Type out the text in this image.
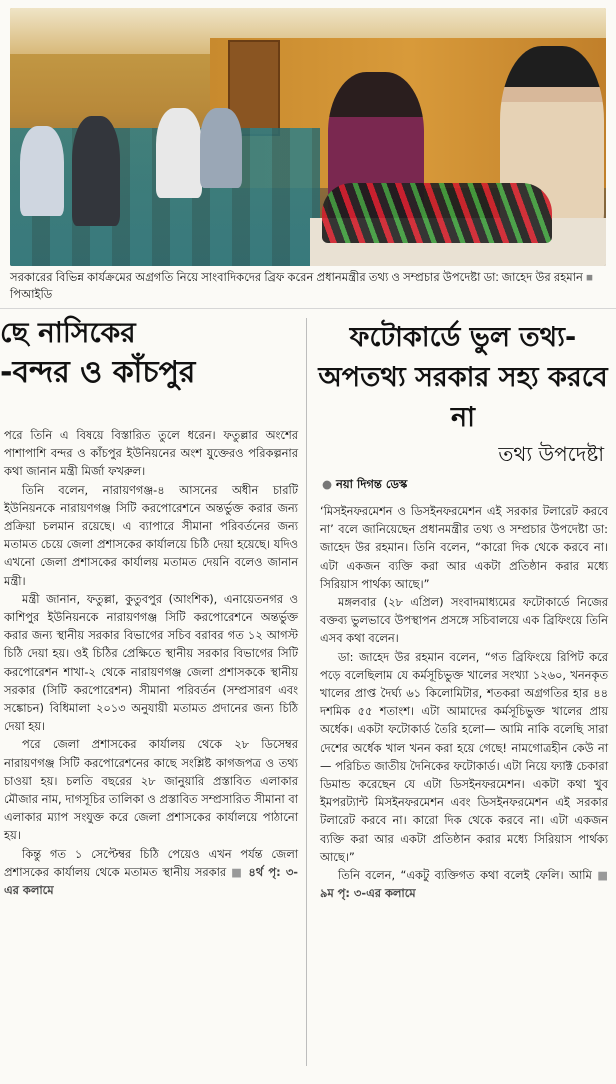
সরকারের বিভিন্ন কার্যক্রমের অগ্রগতি নিয়ে সাংবাদিকদের ব্রিফ করেন প্রধানমন্ত্রীর তথ্য ও সম্প্রচার উপদেষ্টা ডা: জাহেদ উর রহমান ■ পিআইডি
ছে নাসিকের
-বন্দর ও কাঁচপুর

পরে তিনি এ বিষয়ে বিস্তারিত তুলে ধরেন। ফতুল্লার অংশের পাশাপাশি বন্দর ও কাঁচপুর ইউনিয়নের অংশ যুক্তেরও পরিকল্পনার কথা জানান মন্ত্রী মির্জা ফখরুল।

তিনি বলেন, নারায়ণগঞ্জ-৪ আসনের অধীন চারটি ইউনিয়নকে নারায়ণগঞ্জ সিটি করপোরেশনে অন্তর্ভুক্ত করার জন্য প্রক্রিয়া চলমান রয়েছে। এ ব্যাপারে সীমানা পরিবর্তনের জন্য মতামত চেয়ে জেলা প্রশাসকের কার্যালয়ে চিঠি দেয়া হয়েছে। যদিও এখনো জেলা প্রশাসকের কার্যালয় মতামত দেয়নি বলেও জানান মন্ত্রী।

মন্ত্রী জানান, ফতুল্লা, কুতুবপুর (আংশিক), এনায়েতনগর ও কাশিপুর ইউনিয়নকে নারায়ণগঞ্জ সিটি করপোরেশনে অন্তর্ভুক্ত করার জন্য স্থানীয় সরকার বিভাগের সচিব বরাবর গত ১২ আগস্ট চিঠি দেয়া হয়। ওই চিঠির প্রেক্ষিতে স্থানীয় সরকার বিভাগের সিটি করপোরেশন শাখা-২ থেকে নারায়ণগঞ্জ জেলা প্রশাসককে স্থানীয় সরকার (সিটি করপোরেশন) সীমানা পরিবর্তন (সম্প্রসারণ এবং সঙ্কোচন) বিধিমালা ২০১৩ অনুযায়ী মতামত প্রদানের জন্য চিঠি দেয়া হয়।

পরে জেলা প্রশাসকের কার্যালয় থেকে ২৮ ডিসেম্বর নারায়ণগঞ্জ সিটি করপোরেশনের কাছে সংশ্লিষ্ট কাগজপত্র ও তথ্য চাওয়া হয়। চলতি বছরের ২৮ জানুয়ারি প্রস্তাবিত এলাকার মৌজার নাম, দাগসূচির তালিকা ও প্রস্তাবিত সম্প্রসারিত সীমানা বা এলাকার ম্যাপ সংযুক্ত করে জেলা প্রশাসকের কার্যালয়ে পাঠানো হয়।

কিন্তু গত ১ সেপ্টেম্বর চিঠি পেয়েও এখন পর্যন্ত জেলা প্রশাসকের কার্যালয় থেকে মতামত স্থানীয় সরকার ■ ৪র্থ পৃ: ৩-এর কলামে

ফটোকার্ডে ভুল তথ্য-অপতথ্য সরকার সহ্য করবে না
তথ্য উপদেষ্টা
● নয়া দিগন্ত ডেস্ক

‘মিসইনফরমেশন ও ডিসইনফরমেশন এই সরকার টলারেট করবে না’ বলে জানিয়েছেন প্রধানমন্ত্রীর তথ্য ও সম্প্রচার উপদেষ্টা ডা: জাহেদ উর রহমান। তিনি বলেন, “কারো দিক থেকে করবে না। এটা একজন ব্যক্তি করা আর একটা প্রতিষ্ঠান করার মধ্যে সিরিয়াস পার্থক্য আছে।”

মঙ্গলবার (২৮ এপ্রিল) সংবাদমাধ্যমের ফটোকার্ডে নিজের বক্তব্য ভুলভাবে উপস্থাপন প্রসঙ্গে সচিবালয়ে এক ব্রিফিংয়ে তিনি এসব কথা বলেন।

ডা: জাহেদ উর রহমান বলেন, “গত ব্রিফিংয়ে রিপিট করে পড়ে বলেছিলাম যে কর্মসূচিভুক্ত খালের সংখ্যা ১২৬০, খননকৃত খালের প্রাপ্ত দৈর্ঘ্য ৬১ কিলোমিটার, শতকরা অগ্রগতির হার ৪৪ দশমিক ৫৫ শতাংশ। এটা আমাদের কর্মসূচিভুক্ত খালের প্রায় অর্ধেক। একটা ফটোকার্ড তৈরি হলো— আমি নাকি বলেছি সারা দেশের অর্ধেক খাল খনন করা হয়ে গেছে! নামগোত্রহীন কেউ না— পরিচিত জাতীয় দৈনিকের ফটোকার্ড। এটা নিয়ে ফ্যাক্ট চেকারা ডিমান্ড করেছেন যে এটা ডিসইনফরমেশন। একটা কথা খুব ইমপরট্যান্ট মিসইনফরমেশন এবং ডিসইনফরমেশন এই সরকার টলারেট করবে না। কারো দিক থেকে করবে না। এটা একজন ব্যক্তি করা আর একটা প্রতিষ্ঠান করার মধ্যে সিরিয়াস পার্থক্য আছে।”

তিনি বলেন, “একটু ব্যক্তিগত কথা বলেই ফেলি। আমি ■ ৯ম পৃ: ৩-এর কলামে
